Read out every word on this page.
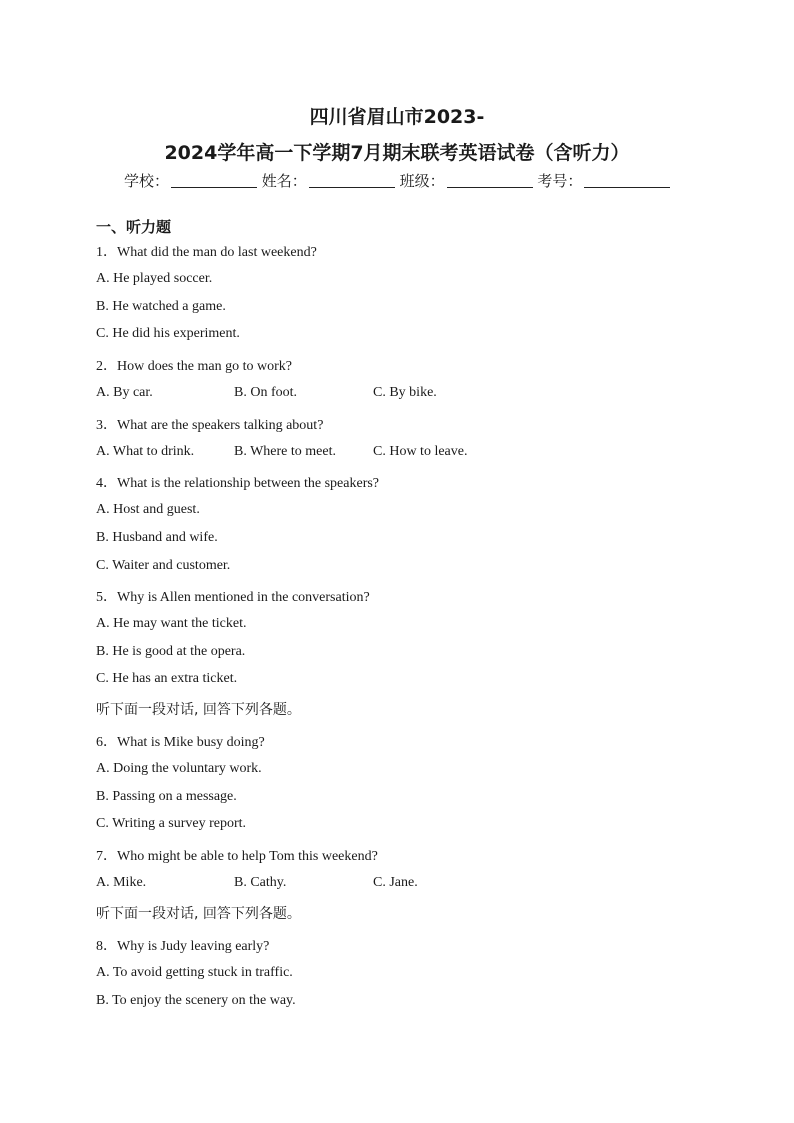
四川省眉山市2023-
2024学年高一下学期7月期末联考英语试卷（含听力）
学校：	姓名：	班级：	考号：
一、听力题
1．What did the man do last weekend?
A. He played soccer.
B. He watched a game.
C. He did his experiment.
2．How does the man go to work?
A. By car.	B. On foot.	C. By bike.
3．What are the speakers talking about?
A. What to drink.	B. Where to meet.	C. How to leave.
4．What is the relationship between the speakers?
A. Host and guest.
B. Husband and wife.
C. Waiter and customer.
5．Why is Allen mentioned in the conversation?
A. He may want the ticket.
B. He is good at the opera.
C. He has an extra ticket.
听下面一段对话, 回答下列各题。
6．What is Mike busy doing?
A. Doing the voluntary work.
B. Passing on a message.
C. Writing a survey report.
7．Who might be able to help Tom this weekend?
A. Mike.	B. Cathy.	C. Jane.
听下面一段对话, 回答下列各题。
8．Why is Judy leaving early?
A. To avoid getting stuck in traffic.
B. To enjoy the scenery on the way.
